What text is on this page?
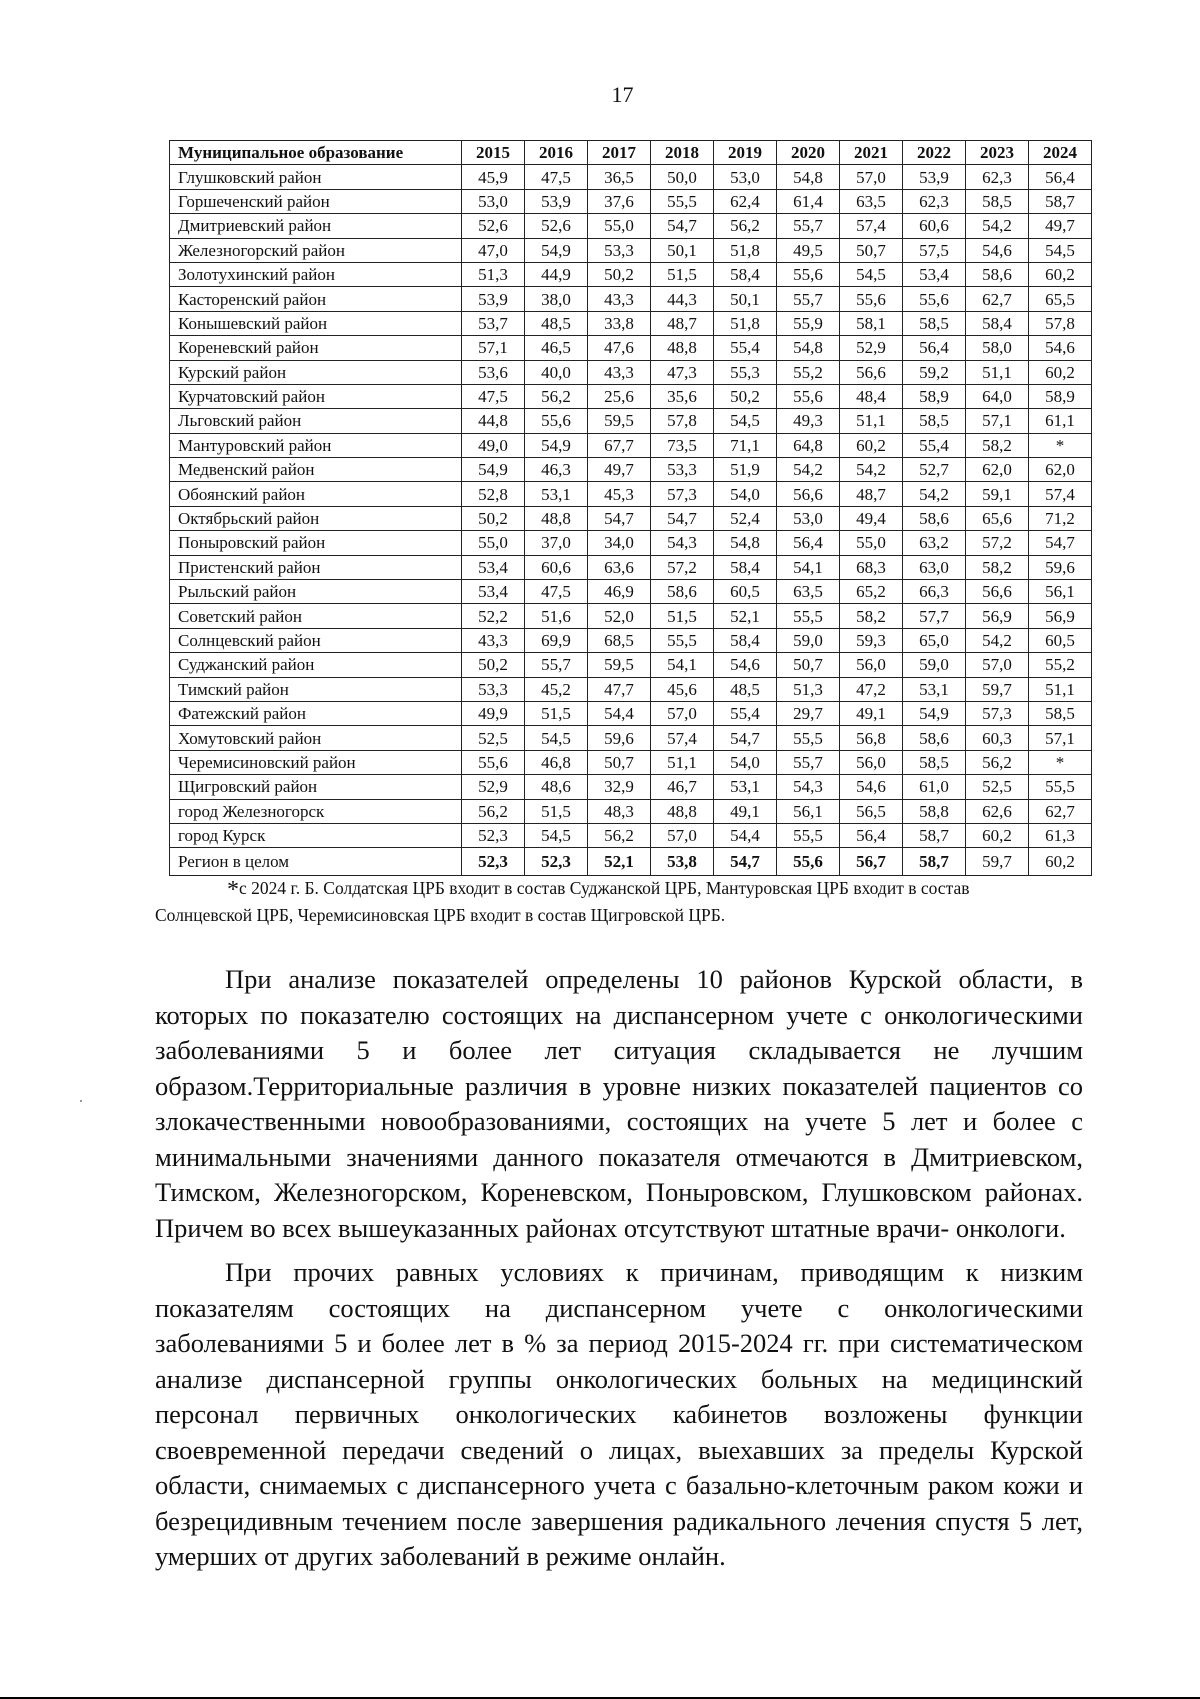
17
Муниципальное образование	2015	2016	2017	2018	2019	2020	2021	2022	2023	2024
Глушковский район	45,9	47,5	36,5	50,0	53,0	54,8	57,0	53,9	62,3	56,4
Горшеченский район	53,0	53,9	37,6	55,5	62,4	61,4	63,5	62,3	58,5	58,7
Дмитриевский район	52,6	52,6	55,0	54,7	56,2	55,7	57,4	60,6	54,2	49,7
Железногорский район	47,0	54,9	53,3	50,1	51,8	49,5	50,7	57,5	54,6	54,5
Золотухинский район	51,3	44,9	50,2	51,5	58,4	55,6	54,5	53,4	58,6	60,2
Касторенский район	53,9	38,0	43,3	44,3	50,1	55,7	55,6	55,6	62,7	65,5
Конышевский район	53,7	48,5	33,8	48,7	51,8	55,9	58,1	58,5	58,4	57,8
Кореневский район	57,1	46,5	47,6	48,8	55,4	54,8	52,9	56,4	58,0	54,6
Курский район	53,6	40,0	43,3	47,3	55,3	55,2	56,6	59,2	51,1	60,2
Курчатовский район	47,5	56,2	25,6	35,6	50,2	55,6	48,4	58,9	64,0	58,9
Льговский район	44,8	55,6	59,5	57,8	54,5	49,3	51,1	58,5	57,1	61,1
Мантуровский район	49,0	54,9	67,7	73,5	71,1	64,8	60,2	55,4	58,2	*
Медвенский район	54,9	46,3	49,7	53,3	51,9	54,2	54,2	52,7	62,0	62,0
Обоянский район	52,8	53,1	45,3	57,3	54,0	56,6	48,7	54,2	59,1	57,4
Октябрьский район	50,2	48,8	54,7	54,7	52,4	53,0	49,4	58,6	65,6	71,2
Поныровский район	55,0	37,0	34,0	54,3	54,8	56,4	55,0	63,2	57,2	54,7
Пристенский район	53,4	60,6	63,6	57,2	58,4	54,1	68,3	63,0	58,2	59,6
Рыльский район	53,4	47,5	46,9	58,6	60,5	63,5	65,2	66,3	56,6	56,1
Советский район	52,2	51,6	52,0	51,5	52,1	55,5	58,2	57,7	56,9	56,9
Солнцевский район	43,3	69,9	68,5	55,5	58,4	59,0	59,3	65,0	54,2	60,5
Суджанский район	50,2	55,7	59,5	54,1	54,6	50,7	56,0	59,0	57,0	55,2
Тимский район	53,3	45,2	47,7	45,6	48,5	51,3	47,2	53,1	59,7	51,1
Фатежский район	49,9	51,5	54,4	57,0	55,4	29,7	49,1	54,9	57,3	58,5
Хомутовский район	52,5	54,5	59,6	57,4	54,7	55,5	56,8	58,6	60,3	57,1
Черемисиновский район	55,6	46,8	50,7	51,1	54,0	55,7	56,0	58,5	56,2	*
Щигровский район	52,9	48,6	32,9	46,7	53,1	54,3	54,6	61,0	52,5	55,5
город Железногорск	56,2	51,5	48,3	48,8	49,1	56,1	56,5	58,8	62,6	62,7
город Курск	52,3	54,5	56,2	57,0	54,4	55,5	56,4	58,7	60,2	61,3
Регион в целом	52,3	52,3	52,1	53,8	54,7	55,6	56,7	58,7	59,7	60,2
*с 2024 г. Б. Солдатская ЦРБ входит в состав Суджанской ЦРБ, Мантуровская ЦРБ входит в состав
Солнцевской ЦРБ, Черемисиновская ЦРБ входит в состав Щигровской ЦРБ.

При анализе показателей определены 10 районов Курской области, в которых по показателю состоящих на диспансерном учете с онкологическими заболеваниями 5 и более лет ситуация складывается не лучшим образом.Территориальные различия в уровне низких показателей пациентов со злокачественными новообразованиями, состоящих на учете 5 лет и более с минимальными значениями данного показателя отмечаются в Дмитриевском, Тимском, Железногорском, Кореневском, Поныровском, Глушковском районах. Причем во всех вышеуказанных районах отсутствуют штатные врачи- онкологи.

При прочих равных условиях к причинам, приводящим к низким показателям состоящих на диспансерном учете с онкологическими заболеваниями 5 и более лет в % за период 2015-2024 гг. при систематическом анализе диспансерной группы онкологических больных на медицинский персонал первичных онкологических кабинетов возложены функции своевременной передачи сведений о лицах, выехавших за пределы Курской области, снимаемых с диспансерного учета с базально-клеточным раком кожи и безрецидивным течением после завершения радикального лечения спустя 5 лет, умерших от других заболеваний в режиме онлайн.
